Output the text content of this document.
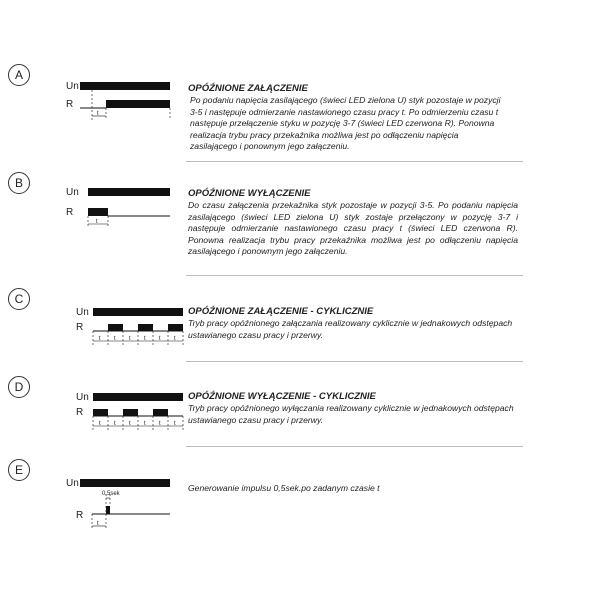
A
Un
R
t
OPÓŹNIONE ZAŁĄCZENIE

Po podaniu napięcia zasilającego (świeci LED zielona U) styk pozostaje w pozycji 3-5 i następuje odmierzanie nastawionego czasu pracy t. Po odmierzeniu czasu t następuje przełączenie styku w pozycję 3-7 (świeci LED czerwona R). Ponowna realizacja trybu pracy przekaźnika możliwa jest po odłączeniu napięcia zasilającego i ponownym jego załączeniu.

B
Un
R
t
OPÓŹNIONE WYŁĄCZENIE

Do czasu załączenia przekaźnika styk pozostaje w pozycji 3-5. Po podaniu napięcia zasilającego (świeci LED zielona U) styk zostaje przełączony w pozycję 3-7 i następuje odmierzanie nastawionego czasu pracy t (świeci LED czerwona R). Ponowna realizacja trybu pracy przekaźnika możliwa jest po odłączeniu napięcia zasilającego i ponownym jego załączeniu.

C
Un
R
t t t t t t
OPÓŹNIONE ZAŁĄCZENIE - CYKLICZNIE

Tryb pracy opóźnionego załączania realizowany cyklicznie w jednakowych odstępach ustawianego czasu pracy i przerwy.

D
Un
R
t t t t t t
OPÓŹNIONE WYŁĄCZENIE - CYKLICZNIE

Tryb pracy opóźnionego wyłączania realizowany cyklicznie w jednakowych odstępach ustawianego czasu pracy i przerwy.

E
Un
R
0,5sek
t

Generowanie impulsu 0,5sek.po zadanym czasie t
